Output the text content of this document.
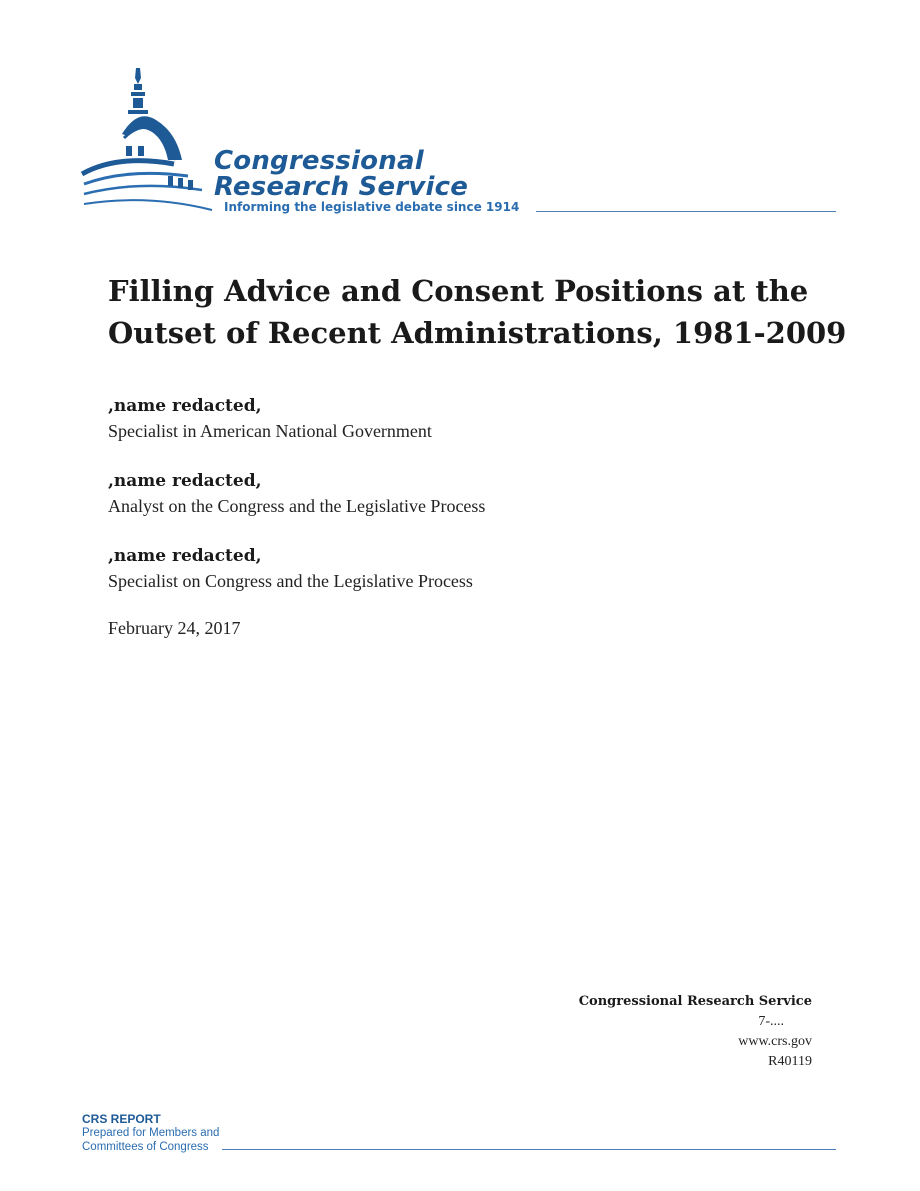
Congressional
Research Service
Informing the legislative debate since 1914
Filling Advice and Consent Positions at the
Outset of Recent Administrations, 1981-2009
,name redacted,
Specialist in American National Government
,name redacted,
Analyst on the Congress and the Legislative Process
,name redacted,
Specialist on Congress and the Legislative Process
February 24, 2017
Congressional Research Service
7-....
www.crs.gov
R40119
CRS REPORT
Prepared for Members and
Committees of Congress
